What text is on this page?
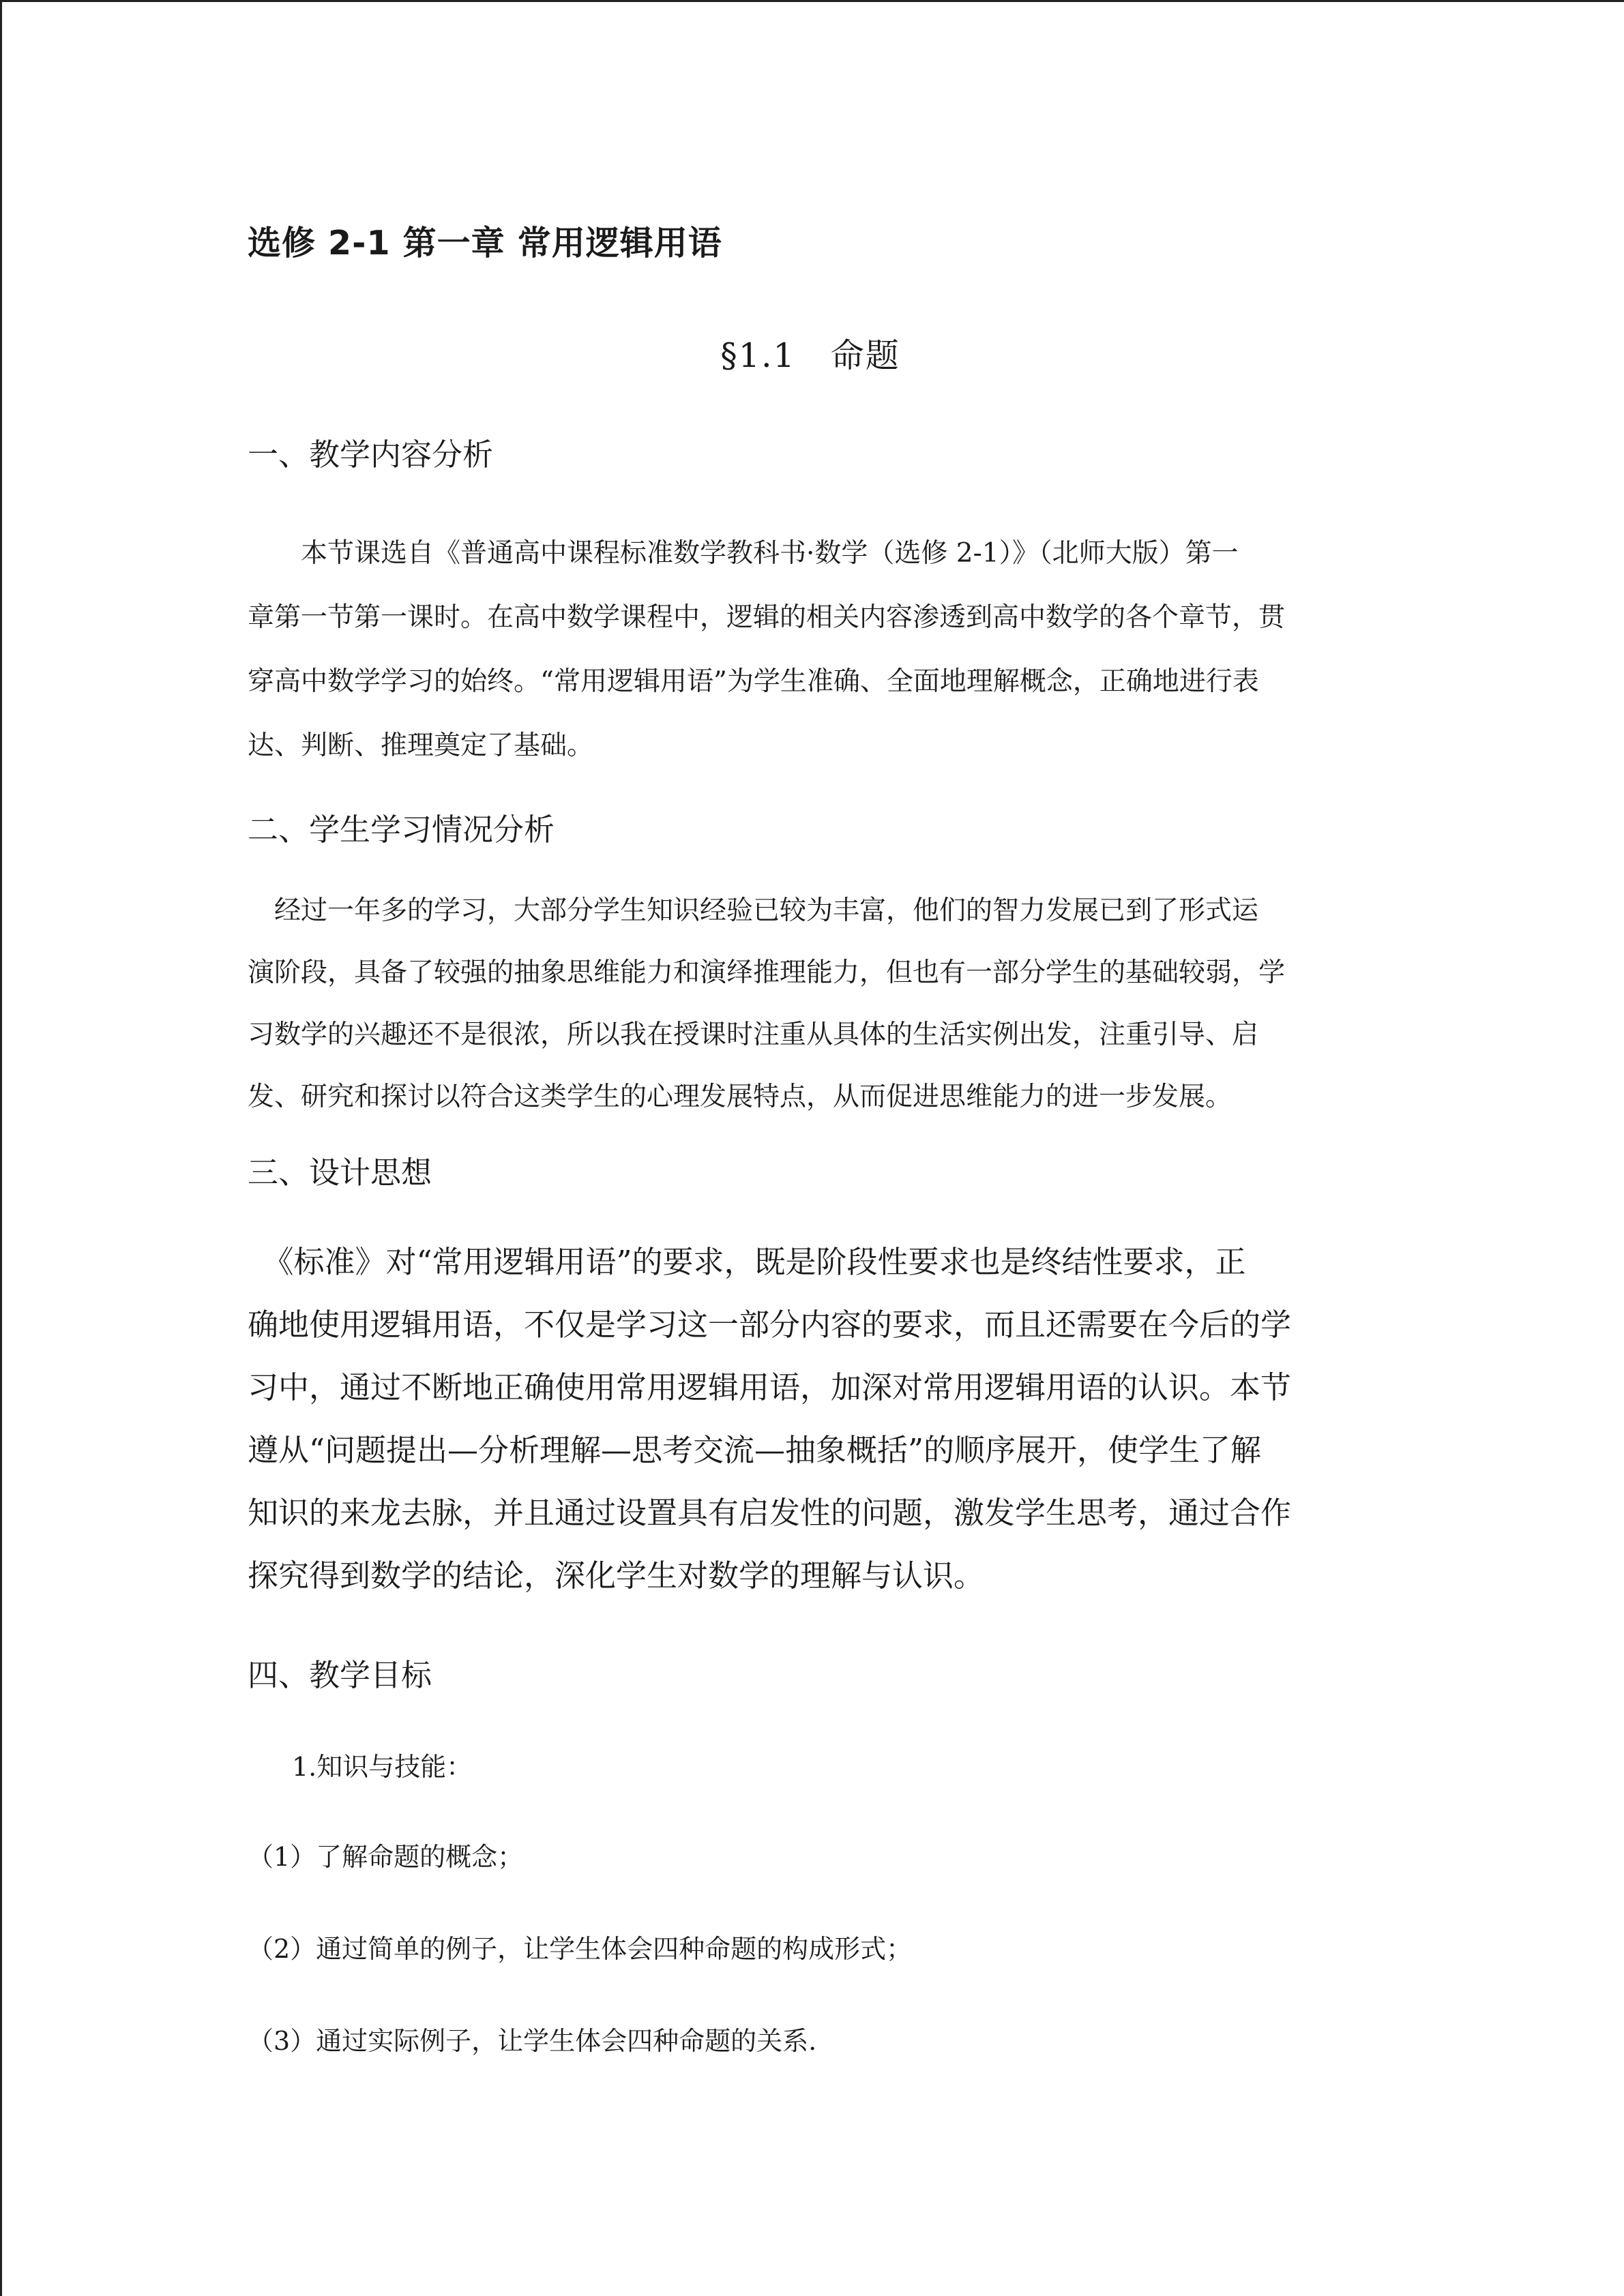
选修 2-1 第一章 常用逻辑用语
§1.1　命题
一、教学内容分析
　　本节课选自《普通高中课程标准数学教科书·数学（选修 2-1）》（北师大版）第一
章第一节第一课时。在高中数学课程中，逻辑的相关内容渗透到高中数学的各个章节，贯
穿高中数学学习的始终。“常用逻辑用语”为学生准确、全面地理解概念，正确地进行表
达、判断、推理奠定了基础。
二、学生学习情况分析
　经过一年多的学习，大部分学生知识经验已较为丰富，他们的智力发展已到了形式运
演阶段，具备了较强的抽象思维能力和演绎推理能力，但也有一部分学生的基础较弱，学
习数学的兴趣还不是很浓，所以我在授课时注重从具体的生活实例出发，注重引导、启
发、研究和探讨以符合这类学生的心理发展特点，从而促进思维能力的进一步发展。
三、设计思想
　《标准》对“常用逻辑用语”的要求，既是阶段性要求也是终结性要求，正
确地使用逻辑用语，不仅是学习这一部分内容的要求，而且还需要在今后的学
习中，通过不断地正确使用常用逻辑用语，加深对常用逻辑用语的认识。本节
遵从“问题提出—分析理解—思考交流—抽象概括”的顺序展开，使学生了解
知识的来龙去脉，并且通过设置具有启发性的问题，激发学生思考，通过合作
探究得到数学的结论，深化学生对数学的理解与认识。
四、教学目标
1.知识与技能：
（1）了解命题的概念；
（2）通过简单的例子，让学生体会四种命题的构成形式；
（3）通过实际例子，让学生体会四种命题的关系.
